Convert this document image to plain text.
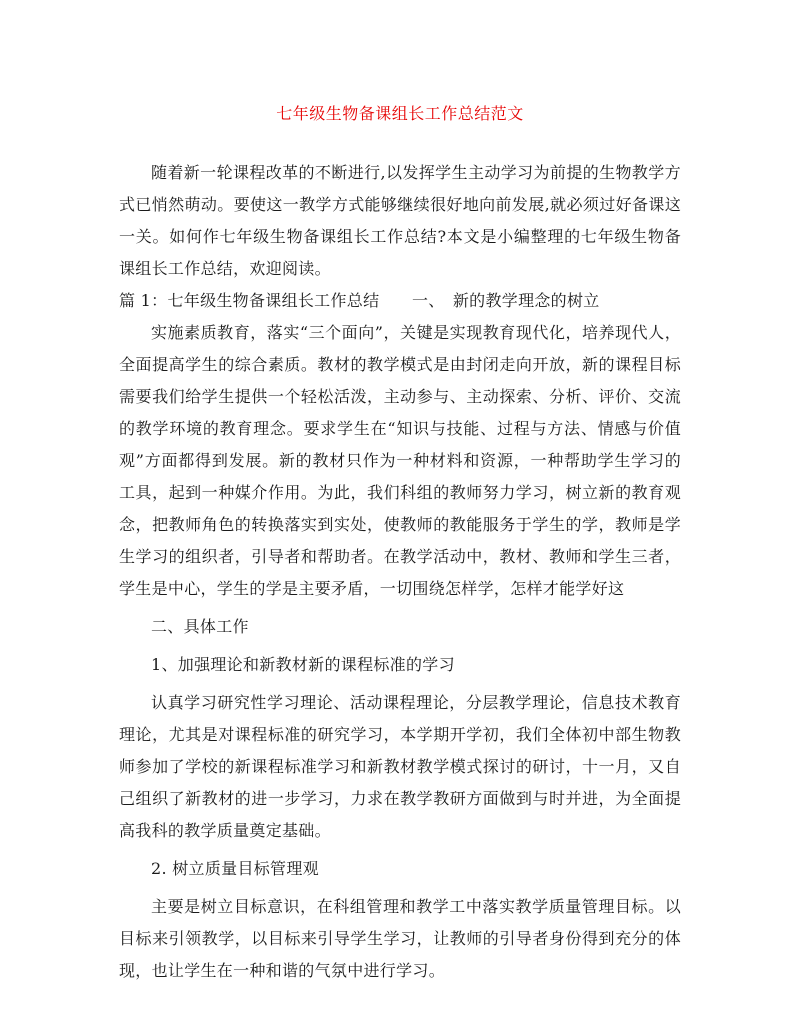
七年级生物备课组长工作总结范文

随着新一轮课程改革的不断进行,以发挥学生主动学习为前提的生物教学方式已悄然萌动。要使这一教学方式能够继续很好地向前发展,就必须过好备课这一关。如何作七年级生物备课组长工作总结?本文是小编整理的七年级生物备课组长工作总结，欢迎阅读。

篇 1：七年级生物备课组长工作总结　　一、　新的教学理念的树立

实施素质教育，落实“三个面向”，关键是实现教育现代化，培养现代人，全面提高学生的综合素质。教材的教学模式是由封闭走向开放，新的课程目标需要我们给学生提供一个轻松活泼，主动参与、主动探索、分析、评价、交流的教学环境的教育理念。要求学生在“知识与技能、过程与方法、情感与价值观”方面都得到发展。新的教材只作为一种材料和资源，一种帮助学生学习的工具，起到一种媒介作用。为此，我们科组的教师努力学习，树立新的教育观念，把教师角色的转换落实到实处，使教师的教能服务于学生的学，教师是学生学习的组织者，引导者和帮助者。在教学活动中，教材、教师和学生三者，学生是中心，学生的学是主要矛盾，一切围绕怎样学，怎样才能学好这

二、具体工作

1、加强理论和新教材新的课程标准的学习

认真学习研究性学习理论、活动课程理论，分层教学理论，信息技术教育理论，尤其是对课程标准的研究学习，本学期开学初，我们全体初中部生物教师参加了学校的新课程标准学习和新教材教学模式探讨的研讨，十一月，又自己组织了新教材的进一步学习，力求在教学教研方面做到与时并进，为全面提高我科的教学质量奠定基础。

2. 树立质量目标管理观

主要是树立目标意识，在科组管理和教学工中落实教学质量管理目标。以目标来引领教学，以目标来引导学生学习，让教师的引导者身份得到充分的体现，也让学生在一种和谐的气氛中进行学习。
